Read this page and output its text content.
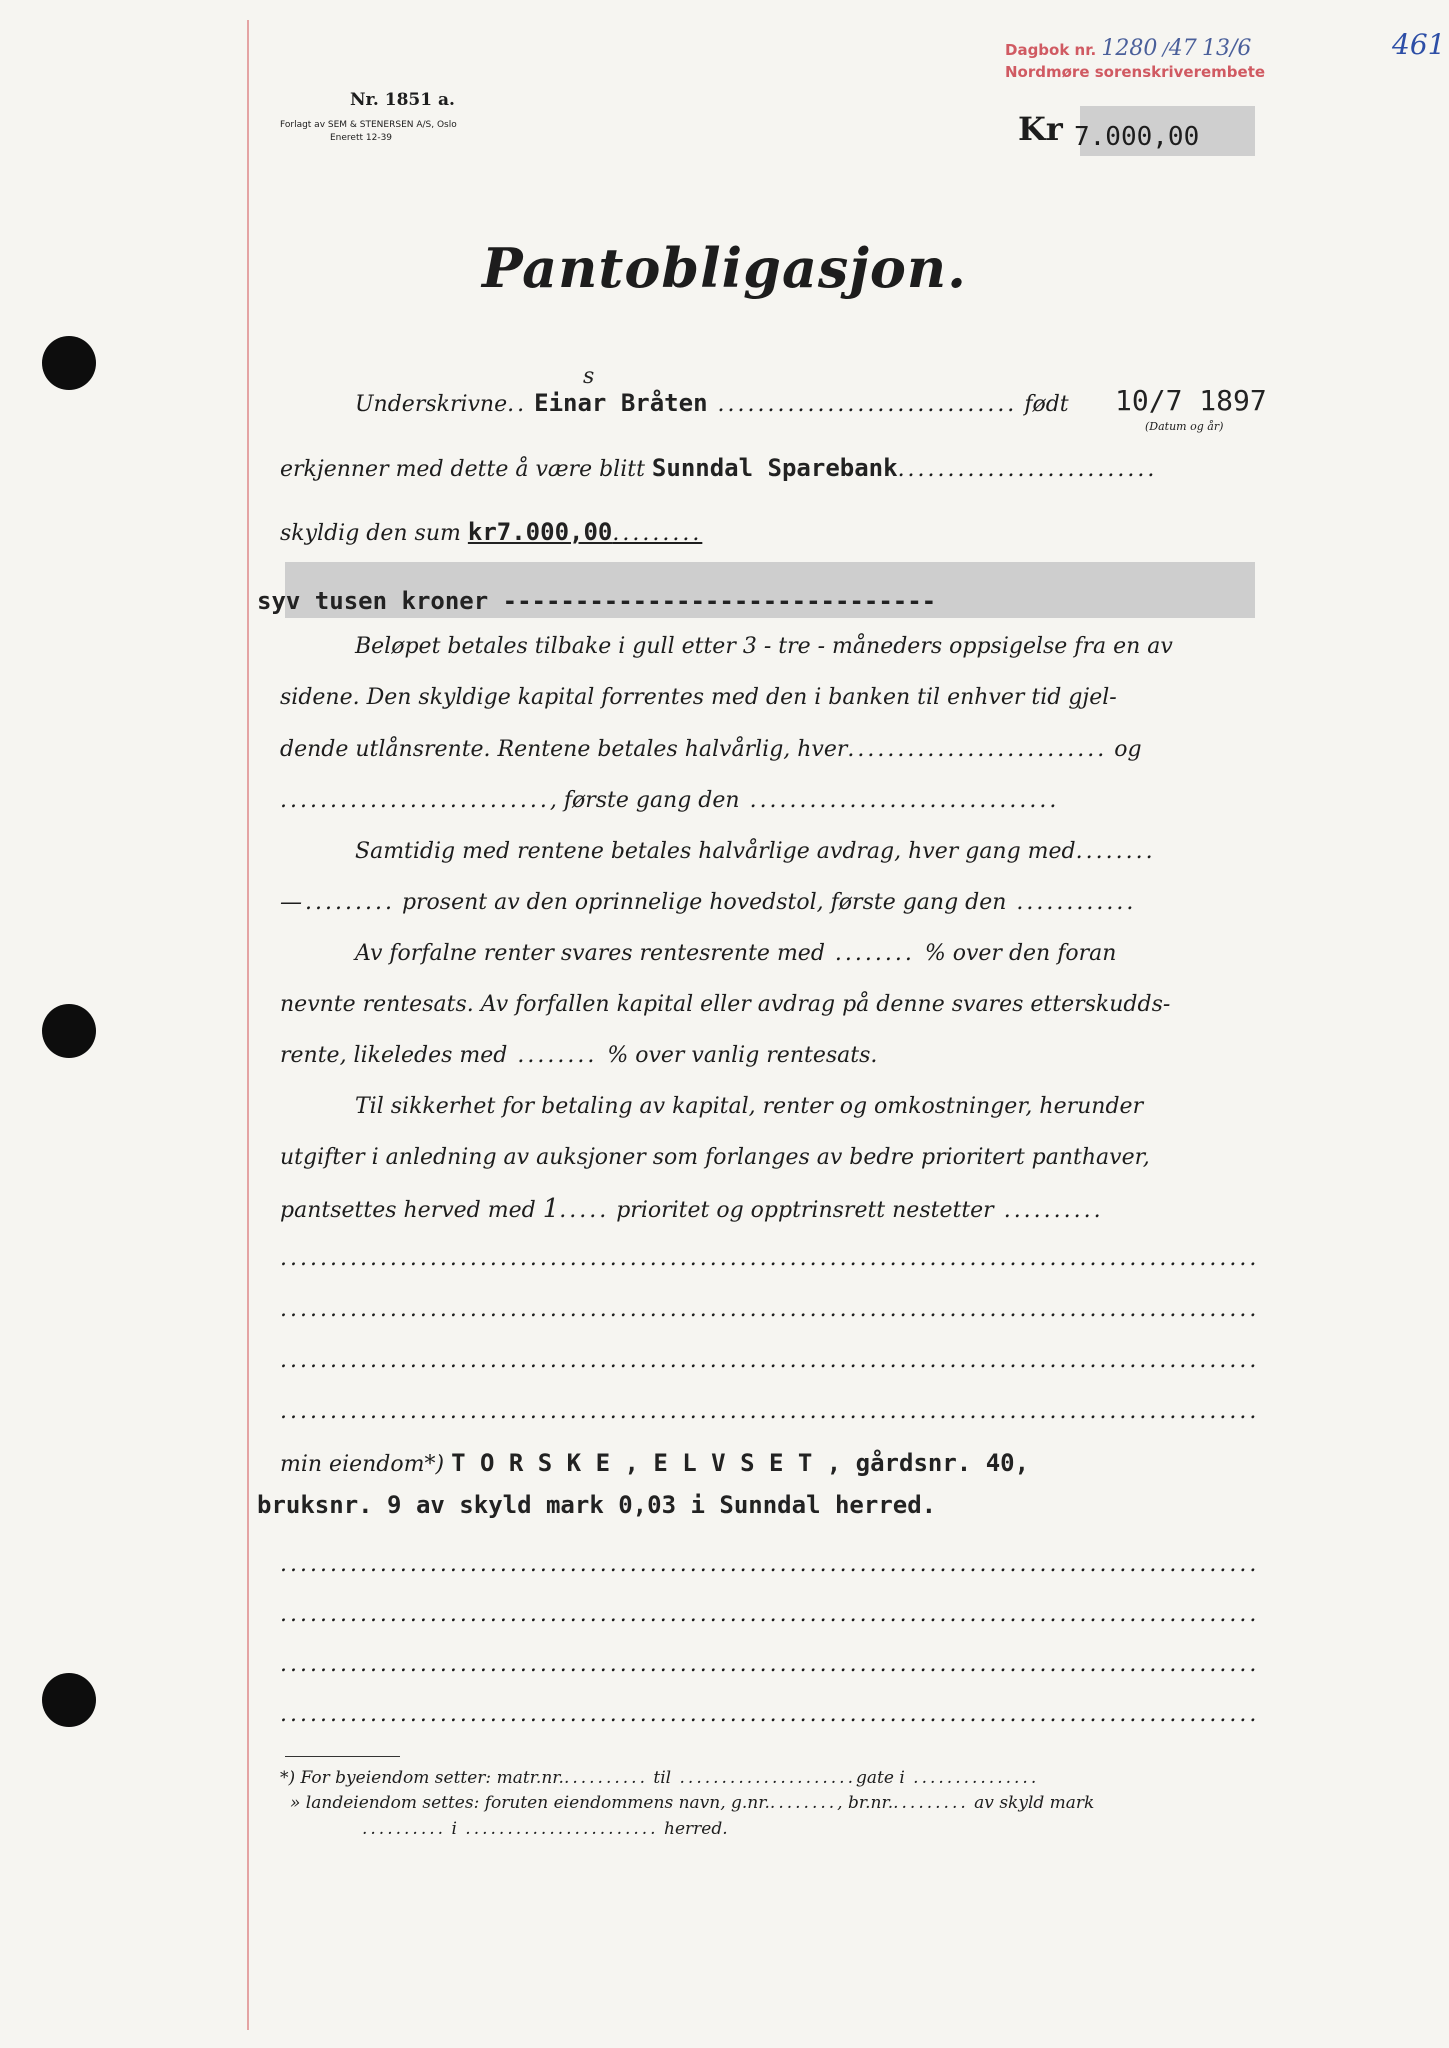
Nr. 1851 a.
Forlagt av SEM & STENERSEN A/S, Oslo
Enerett 12-39
Dagbok nr. 1280 /47 13/6
Nordmøre sorenskriverembete
461
Kr 7.000,00
Pantobligasjon.
Underskrivne.. Einar Bråten .............................. født
s
10/7 1897
(Datum og år)
erkjenner med dette å være blitt Sunndal Sparebank..........................
skyldig den sum kr7.000,00.........
syv tusen kroner ------------------------------
Beløpet betales tilbake i gull etter 3 - tre - måneders oppsigelse fra en av
sidene. Den skyldige kapital forrentes med den i banken til enhver tid gjel-
dende utlånsrente. Rentene betales halvårlig, hver.......................... og
..........................., første gang den ...............................
Samtidig med rentene betales halvårlige avdrag, hver gang med........
—......... prosent av den oprinnelige hovedstol, første gang den ............
Av forfalne renter svares rentesrente med ........ % over den foran
nevnte rentesats. Av forfallen kapital eller avdrag på denne svares etterskudds-
rente, likeledes med ........ % over vanlig rentesats.
Til sikkerhet for betaling av kapital, renter og omkostninger, herunder
utgifter i anledning av auksjoner som forlanges av bedre prioritert panthaver,
pantsettes herved med 1..... prioritet og opptrinsrett nestetter ..........
..................................................................................................
..................................................................................................
..................................................................................................
..................................................................................................
min eiendom*) T O R S K E , E L V S E T , gårdsnr. 40,
bruksnr. 9 av skyld mark 0,03 i Sunndal herred.
..................................................................................................
..................................................................................................
..................................................................................................
..................................................................................................
*) For byeiendom setter: matr.nr........... til .....................gate i ...............
» landeiendom settes: foruten eiendommens navn, g.nr........., br.nr.......... av skyld mark
.......... i ....................... herred.
